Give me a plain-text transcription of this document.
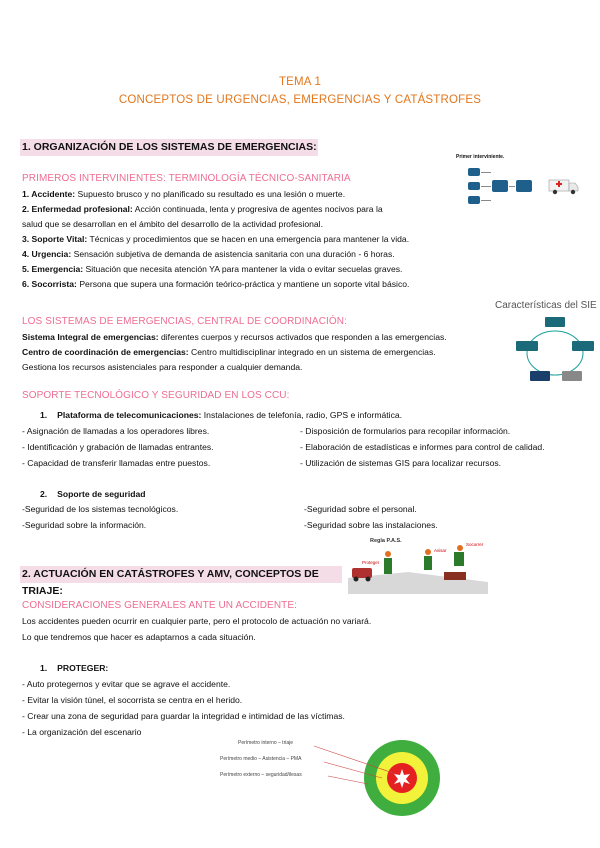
TEMA 1
CONCEPTOS DE URGENCIAS, EMERGENCIAS Y CATÁSTROFES
1. ORGANIZACIÓN DE LOS SISTEMAS DE EMERGENCIAS:
PRIMEROS INTERVINIENTES: TERMINOLOGÍA TÉCNICO-SANITARIA
1. Accidente: Supuesto brusco y no planificado su resultado es una lesión o muerte.
2. Enfermedad profesional: Acción continuada, lenta y progresiva de agentes nocivos para la
salud que se desarrollan en el ámbito del desarrollo de la actividad profesional.
3. Soporte Vital: Técnicas y procedimientos que se hacen en una emergencia para mantener la vida.
4. Urgencia: Sensación subjetiva de demanda de asistencia sanitaria con una duración - 6 horas.
5. Emergencia: Situación que necesita atención YA para mantener la vida o evitar secuelas graves.
6. Socorrista: Persona que supera una formación teórico-práctica y mantiene un soporte vital básico.
Primer interviniente.
Características del SIE
LOS SISTEMAS DE EMERGENCIAS, CENTRAL DE COORDINACIÓN:
Sistema Integral de emergencias: diferentes cuerpos y recursos activados que responden a las emergencias.
Centro de coordinación de emergencias: Centro multidisciplinar integrado en un sistema de emergencias.
Gestiona los recursos asistenciales para responder a cualquier demanda.
SOPORTE TECNOLÓGICO Y SEGURIDAD EN LOS CCU:
1. Plataforma de telecomunicaciones: Instalaciones de telefonía, radio, GPS e informática.
- Asignación de llamadas a los operadores libres.
- Identificación y grabación de llamadas entrantes.
- Capacidad de transferir llamadas entre puestos.
- Disposición de formularios para recopilar información.
- Elaboración de estadísticas e informes para control de calidad.
- Utilización de sistemas GIS para localizar recursos.
2. Soporte de seguridad
-Seguridad de los sistemas tecnológicos.
-Seguridad sobre la información.
-Seguridad sobre el personal.
-Seguridad sobre las instalaciones.
2. ACTUACIÓN EN CATÁSTROFES Y AMV, CONCEPTOS DE TRIAJE:
Regla P.A.S.
Proteger
Avisar
Socorrer
CONSIDERACIONES GENERALES ANTE UN ACCIDENTE:
Los accidentes pueden ocurrir en cualquier parte, pero el protocolo de actuación no variará.
Lo que tendremos que hacer es adaptarnos a cada situación.
1. PROTEGER:
- Auto protegernos y evitar que se agrave el accidente.
- Evitar la visión túnel, el socorrista se centra en el herido.
- Crear una zona de seguridad para guardar la integridad e intimidad de las víctimas.
- La organización del escenario
Perímetro interno – triaje
Perímetro medio – Asistencia – PMA
Perímetro externo – seguridad/ilesas
